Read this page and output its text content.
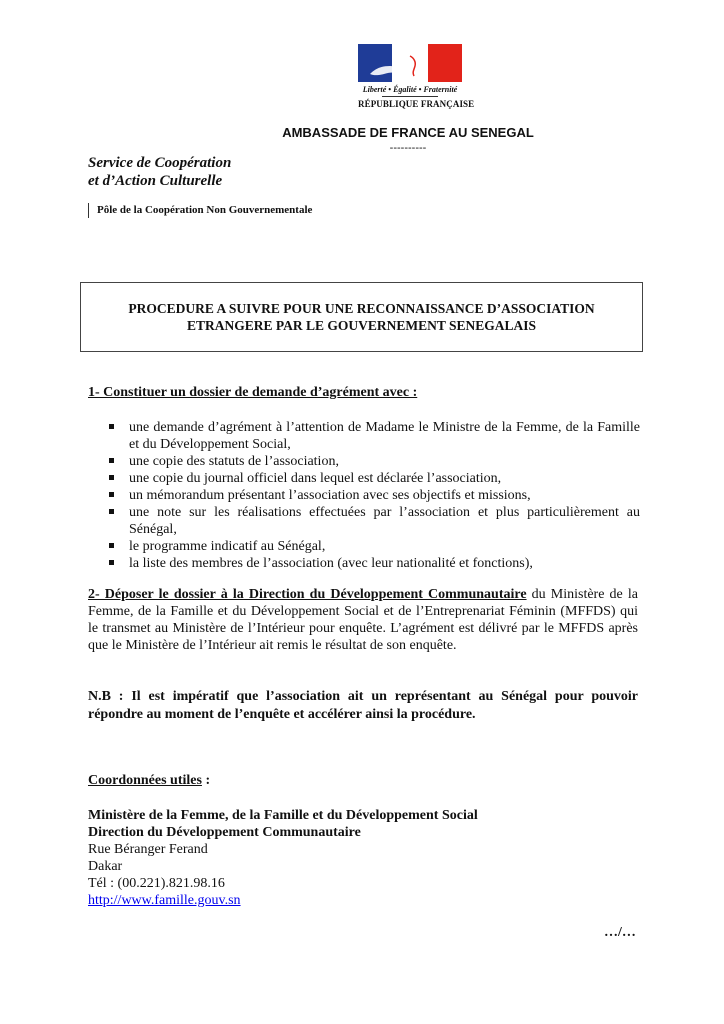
Liberté • Égalité • Fraternité
RÉPUBLIQUE FRANÇAISE
AMBASSADE DE FRANCE AU SENEGAL
----------
Service de Coopération
et d’Action Culturelle
Pôle de la Coopération Non Gouvernementale
PROCEDURE A SUIVRE POUR UNE RECONNAISSANCE D’ASSOCIATION
ETRANGERE PAR LE GOUVERNEMENT SENEGALAIS
1- Constituer un dossier de demande d’agrément avec :
une demande d’agrément à l’attention de Madame le Ministre de la Femme, de la Famille et du Développement Social,
une copie des statuts de l’association,
une copie du journal officiel dans lequel est déclarée l’association,
un mémorandum présentant l’association avec ses objectifs et missions,
une note sur les réalisations effectuées par l’association et plus particulièrement au Sénégal,
le programme indicatif au Sénégal,
la liste des membres de l’association (avec leur nationalité et fonctions),
2- Déposer le dossier à la Direction du Développement Communautaire du Ministère de la Femme, de la Famille et du Développement Social et de l’Entreprenariat Féminin (MFFDS) qui le transmet au Ministère de l’Intérieur pour enquête. L’agrément est délivré par le MFFDS après que le Ministère de l’Intérieur ait remis le résultat de son enquête.
N.B : Il est impératif que l’association ait un représentant au Sénégal pour pouvoir répondre au moment de l’enquête et accélérer ainsi la procédure.
Coordonnées utiles :
Ministère de la Femme, de la Famille et du Développement Social
Direction du Développement Communautaire
Rue Béranger Ferand
Dakar
Tél : (00.221).821.98.16
http://www.famille.gouv.sn
…/…
